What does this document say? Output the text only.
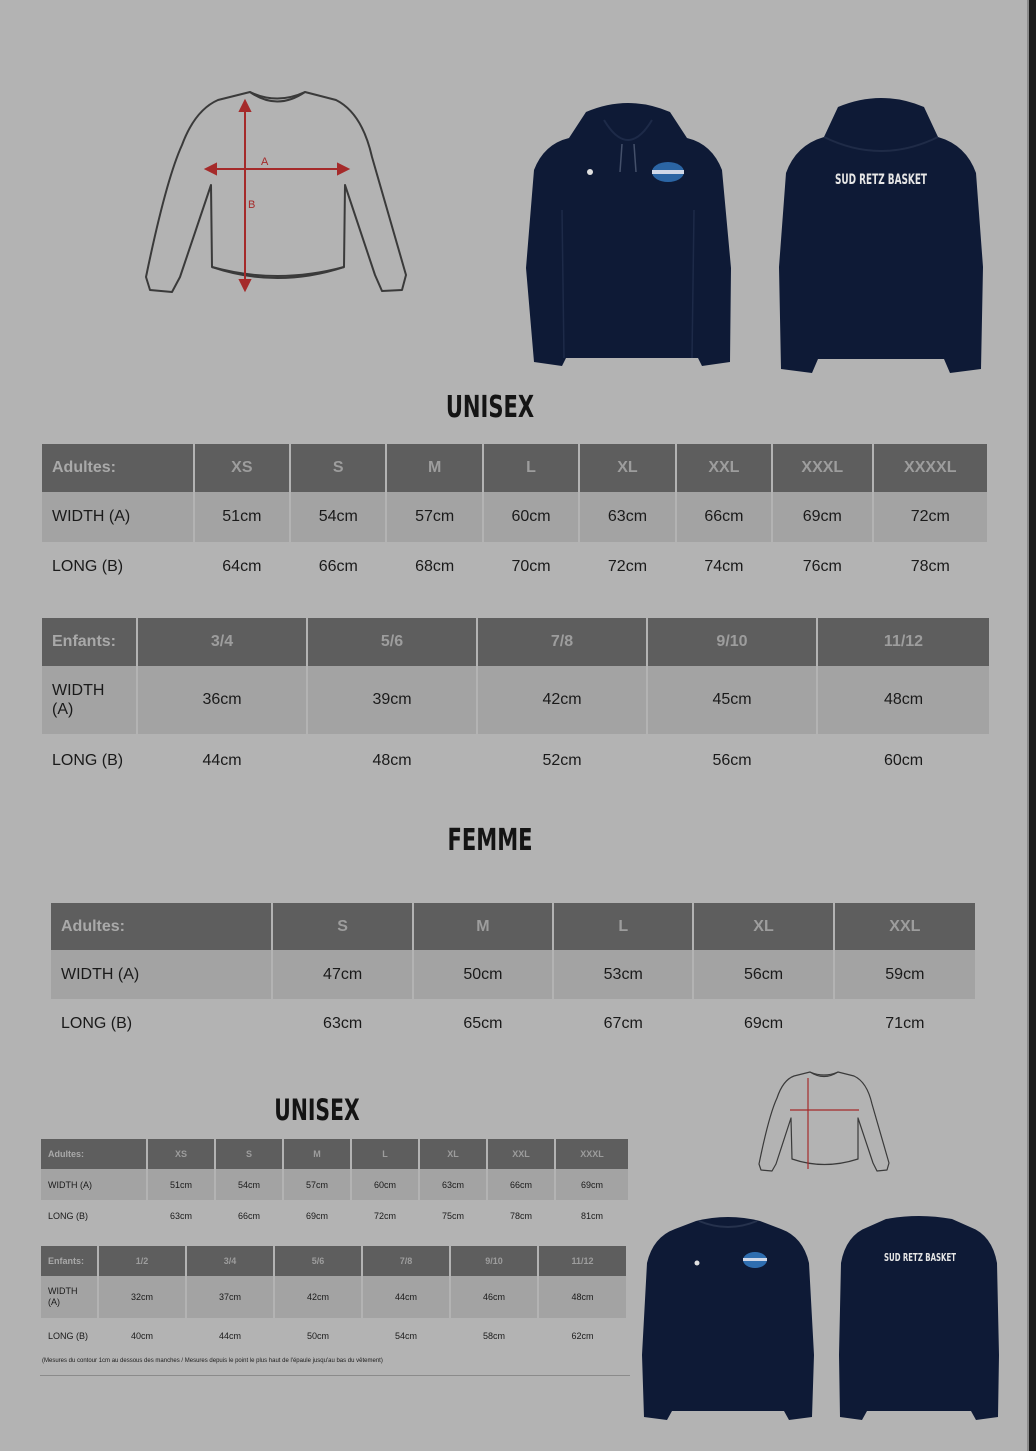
A
B
SUD RETZ BASKET
UNISEX
Adultes:	XS	S	M	L	XL	XXL	XXXL	XXXXL
WIDTH (A)	51cm	54cm	57cm	60cm	63cm	66cm	69cm	72cm
LONG (B)	64cm	66cm	68cm	70cm	72cm	74cm	76cm	78cm
Enfants:	3/4	5/6	7/8	9/10	11/12
WIDTH
(A)	36cm	39cm	42cm	45cm	48cm
LONG (B)	44cm	48cm	52cm	56cm	60cm
FEMME
Adultes:	S	M	L	XL	XXL
WIDTH (A)	47cm	50cm	53cm	56cm	59cm
LONG (B)	63cm	65cm	67cm	69cm	71cm
UNISEX
Adultes:	XS	S	M	L	XL	XXL	XXXL
WIDTH (A)	51cm	54cm	57cm	60cm	63cm	66cm	69cm
LONG (B)	63cm	66cm	69cm	72cm	75cm	78cm	81cm
Enfants:	1/2	3/4	5/6	7/8	9/10	11/12
WIDTH
(A)	32cm	37cm	42cm	44cm	46cm	48cm
LONG (B)	40cm	44cm	50cm	54cm	58cm	62cm
(Mesures du contour 1cm au dessous des manches / Mesures depuis le point le plus haut de l'épaule jusqu'au bas du vêtement)
SUD RETZ BASKET
